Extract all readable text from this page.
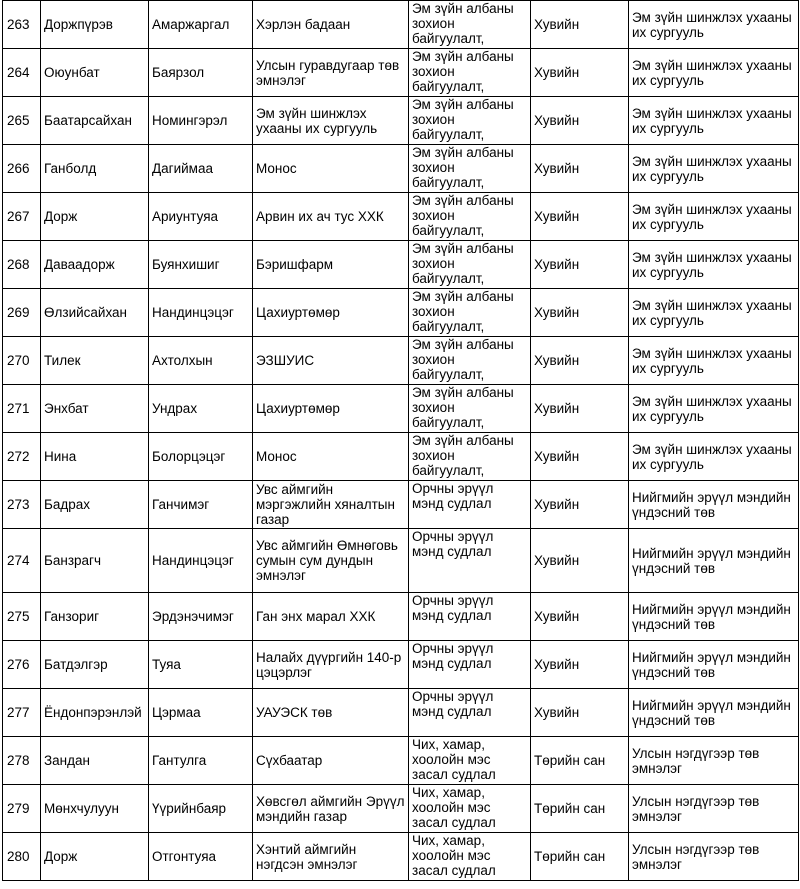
263	Доржпүрэв	Амаржаргал	Хэрлэн бадаан	Эм зүйн албаны зохион байгуулалт,	Хувийн	Эм зүйн шинжлэх ухааны их сургууль
264	Оюунбат	Баярзол	Улсын гуравдугаар төв эмнэлэг	Эм зүйн албаны зохион байгуулалт,	Хувийн	Эм зүйн шинжлэх ухааны их сургууль
265	Баатарсайхан	Номингэрэл	Эм зүйн шинжлэх ухааны их сургууль	Эм зүйн албаны зохион байгуулалт,	Хувийн	Эм зүйн шинжлэх ухааны их сургууль
266	Ганболд	Дагиймаа	Монос	Эм зүйн албаны зохион байгуулалт,	Хувийн	Эм зүйн шинжлэх ухааны их сургууль
267	Дорж	Ариунтуяа	Арвин их ач тус ХХК	Эм зүйн албаны зохион байгуулалт,	Хувийн	Эм зүйн шинжлэх ухааны их сургууль
268	Даваадорж	Буянхишиг	Бэришфарм	Эм зүйн албаны зохион байгуулалт,	Хувийн	Эм зүйн шинжлэх ухааны их сургууль
269	Өлзийсайхан	Нандинцэцэг	Цахиуртөмөр	Эм зүйн албаны зохион байгуулалт,	Хувийн	Эм зүйн шинжлэх ухааны их сургууль
270	Тилек	Ахтолхын	ЭЗШУИС	Эм зүйн албаны зохион байгуулалт,	Хувийн	Эм зүйн шинжлэх ухааны их сургууль
271	Энхбат	Ундрах	Цахиуртөмөр	Эм зүйн албаны зохион байгуулалт,	Хувийн	Эм зүйн шинжлэх ухааны их сургууль
272	Нина	Болорцэцэг	Монос	Эм зүйн албаны зохион байгуулалт,	Хувийн	Эм зүйн шинжлэх ухааны их сургууль
273	Бадрах	Ганчимэг	Увс аймгийн мэргэжлийн хяналтын газар	Орчны эрүүл мэнд судлал	Хувийн	Нийгмийн эрүүл мэндийн үндэсний төв
274	Банзрагч	Нандинцэцэг	Увс аймгийн Өмнөговь сумын сум дундын эмнэлэг	Орчны эрүүл мэнд судлал	Хувийн	Нийгмийн эрүүл мэндийн үндэсний төв
275	Ганзориг	Эрдэнэчимэг	Ган энх марал ХХК	Орчны эрүүл мэнд судлал	Хувийн	Нийгмийн эрүүл мэндийн үндэсний төв
276	Батдэлгэр	Туяа	Налайх дүүргийн 140-р цэцэрлэг	Орчны эрүүл мэнд судлал	Хувийн	Нийгмийн эрүүл мэндийн үндэсний төв
277	Ёндонпэрэнлэй	Цэрмаа	УАУЭСК төв	Орчны эрүүл мэнд судлал	Хувийн	Нийгмийн эрүүл мэндийн үндэсний төв
278	Зандан	Гантулга	Сүхбаатар	Чих, хамар, хоолойн мэс засал судлал	Төрийн сан	Улсын нэгдүгээр төв эмнэлэг
279	Мөнхчулуун	Үүрийнбаяр	Хөвсгөл аймгийн Эрүүл мэндийн газар	Чих, хамар, хоолойн мэс засал судлал	Төрийн сан	Улсын нэгдүгээр төв эмнэлэг
280	Дорж	Отгонтуяа	Хэнтий аймгийн нэгдсэн эмнэлэг	Чих, хамар, хоолойн мэс засал судлал	Төрийн сан	Улсын нэгдүгээр төв эмнэлэг
